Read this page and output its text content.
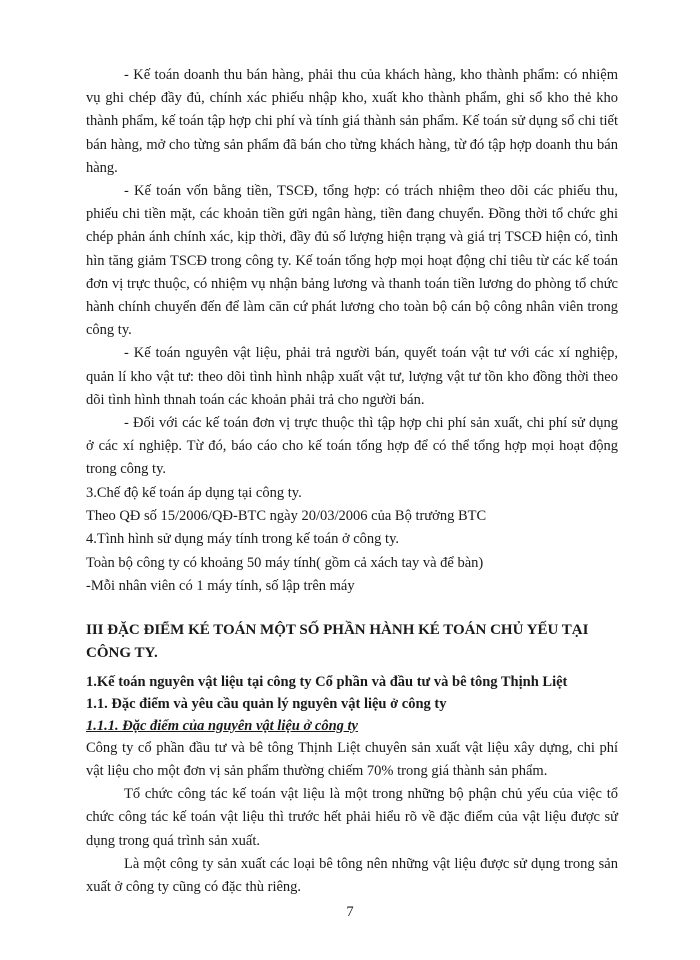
- Kế toán doanh thu bán hàng, phải thu của khách hàng, kho thành phẩm: có nhiệm vụ ghi chép đầy đủ, chính xác phiếu nhập kho, xuất kho thành phẩm, ghi sổ kho thẻ kho thành phẩm, kế toán tập hợp chi phí và tính giá thành sản phẩm. Kế toán sử dụng sổ chi tiết bán hàng, mở cho từng sản phẩm đã bán cho từng khách hàng, từ đó tập hợp doanh thu bán hàng.

- Kế toán vốn bằng tiền, TSCĐ, tổng hợp: có trách nhiệm theo dõi các phiếu thu, phiếu chi tiền mặt, các khoản tiền gửi ngân hàng, tiền đang chuyển. Đồng thời tổ chức ghi chép phản ánh chính xác, kịp thời, đầy đủ số lượng hiện trạng và giá trị TSCĐ hiện có, tình hìn tăng giảm TSCĐ trong công ty. Kế toán tổng hợp mọi hoạt động chỉ tiêu từ các kế toán đơn vị trực thuộc, có nhiệm vụ nhận bảng lương và thanh toán tiền lương do phòng tổ chức hành chính chuyển đến để làm căn cứ phát lương cho toàn bộ cán bộ công nhân viên trong công ty.

- Kế toán nguyên vật liệu, phải trả người bán, quyết toán vật tư với các xí nghiệp, quản lí kho vật tư: theo dõi tình hình nhập xuất vật tư, lượng vật tư tồn kho đồng thời theo dõi tình hình thnah toán các khoản phải trả cho người bán.

- Đối với các kế toán đơn vị trực thuộc thì tập hợp chi phí sản xuất, chi phí sử dụng ở các xí nghiệp. Từ đó, báo cáo cho kế toán tổng hợp để có thể tổng hợp mọi hoạt động trong công ty.

3.Chế độ kế toán áp dụng tại công ty.

Theo QĐ số 15/2006/QĐ-BTC ngày 20/03/2006 của Bộ trưởng BTC

4.Tình hình sử dụng máy tính trong kế toán ở công ty.

Toàn bộ công ty có khoảng 50 máy tính( gồm cả xách tay và để bàn)

-Mỗi nhân viên có 1 máy tính, số lập trên máy

III ĐẶC ĐIỂM KÉ TOÁN MỘT SỐ PHẦN HÀNH KÉ TOÁN CHỦ YẾU TẠI CÔNG TY.

1.Kế toán nguyên vật liệu tại công ty Cổ phần và đầu tư và bê tông Thịnh Liệt

1.1. Đặc điểm và yêu cầu quản lý nguyên vật liệu ở công ty

1.1.1. Đặc điểm của nguyên vật liệu ở công ty

Công ty cổ phần đầu tư và bê tông Thịnh Liệt chuyên sản xuất vật liệu xây dựng, chi phí vật liệu cho một đơn vị sản phẩm thường chiếm 70% trong giá thành sản phẩm.

Tổ chức công tác kế toán vật liệu là một trong những bộ phận chủ yếu của việc tổ chức công tác kế toán vật liệu thì trước hết phải hiểu rõ về đặc điểm của vật liệu được sử dụng trong quá trình sản xuất.

Là một công ty sản xuất các loại bê tông nên những vật liệu được sử dụng trong sản xuất ở công ty cũng có đặc thù riêng.

7
